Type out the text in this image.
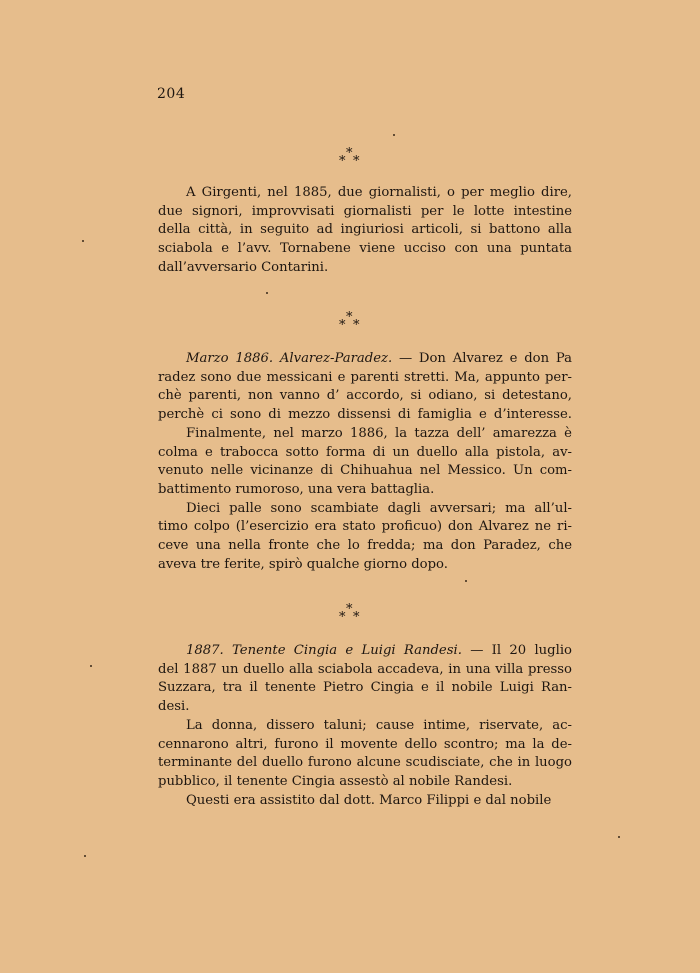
204
*
* *
A Girgenti, nel 1885, due giornalisti, o per meglio dire,
due signori, improvvisati giornalisti per le lotte intestine
della città, in seguito ad ingiuriosi articoli, si battono alla
sciabola e l’avv. Tornabene viene ucciso con una puntata
dall’avversario Contarini.
*
* *
Marzo 1886. Alvarez-Paradez. — Don Alvarez e don Pa
radez sono due messicani e parenti stretti. Ma, appunto per-
chè parenti, non vanno d’ accordo, si odiano, si detestano,
perchè ci sono di mezzo dissensi di famiglia e d’interesse.
Finalmente, nel marzo 1886, la tazza dell’ amarezza è
colma e trabocca sotto forma di un duello alla pistola, av-
venuto nelle vicinanze di Chihuahua nel Messico. Un com-
battimento rumoroso, una vera battaglia.
Dieci palle sono scambiate dagli avversari; ma all’ul-
timo colpo (l’esercizio era stato proficuo) don Alvarez ne ri-
ceve una nella fronte che lo fredda; ma don Paradez, che
aveva tre ferite, spirò qualche giorno dopo.
*
* *
1887. Tenente Cingia e Luigi Randesi. — Il 20 luglio
del 1887 un duello alla sciabola accadeva, in una villa presso
Suzzara, tra il tenente Pietro Cingia e il nobile Luigi Ran-
desi.
La donna, dissero taluni; cause intime, riservate, ac-
cennarono altri, furono il movente dello scontro; ma la de-
terminante del duello furono alcune scudisciate, che in luogo
pubblico, il tenente Cingia assestò al nobile Randesi.
Questi era assistito dal dott. Marco Filippi e dal nobile
